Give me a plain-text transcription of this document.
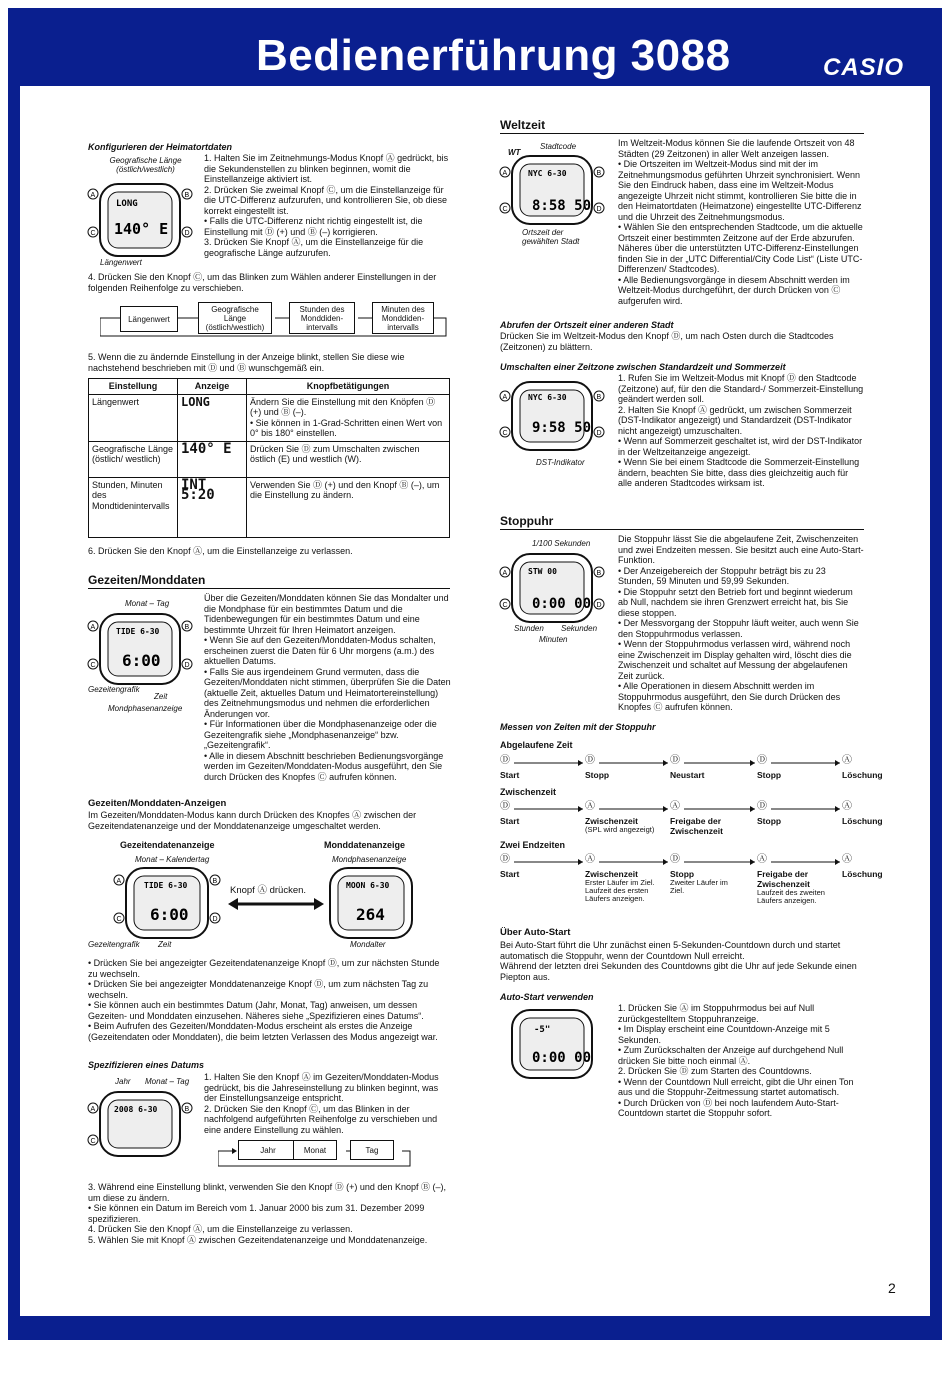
Bedienerführung 3088	CASIO
Konfigurieren der Heimatortdaten
Geografische Länge (östlich/westlich)
A	B
C	D
LONG
140° E
Längenwert
1. Halten Sie im Zeitnehmungs-Modus Knopf Ⓐ gedrückt, bis die Sekundenstellen zu blinken beginnen, womit die Einstellanzeige aktiviert ist.
2. Drücken Sie zweimal Knopf Ⓒ, um die Einstellanzeige für die UTC-Differenz aufzurufen, und kontrollieren Sie, ob diese korrekt eingestellt ist.
• Falls die UTC-Differenz nicht richtig eingestellt ist, die Einstellung mit Ⓓ (+) und Ⓑ (–) korrigieren.
3. Drücken Sie Knopf Ⓐ, um die Einstellanzeige für die geografische Länge aufzurufen.
4. Drücken Sie den Knopf Ⓒ, um das Blinken zum Wählen anderer Einstellungen in der folgenden Reihenfolge zu verschieben.
Längenwert
Geografische Länge (östlich/westlich)
Stunden des Monddiden-intervalls
Minuten des Monddiden-intervalls
5. Wenn die zu ändernde Einstellung in der Anzeige blinkt, stellen Sie diese wie nachstehend beschrieben mit Ⓓ und Ⓑ wunschgemäß ein.
Einstellung	Anzeige	Knopfbetätigungen
Längenwert	LONG	Ändern Sie die Einstellung mit den Knöpfen Ⓓ (+) und Ⓑ (–).
• Sie können in 1-Grad-Schritten einen Wert von 0° bis 180° einstellen.
Geografische Länge (östlich/ westlich)	140° E	Drücken Sie Ⓓ zum Umschalten zwischen östlich (E) und westlich (W).
Stunden, Minuten des Mondtidenintervalls	INT 5:20	Verwenden Sie Ⓓ (+) und den Knopf Ⓑ (–), um die Einstellung zu ändern.
6. Drücken Sie den Knopf Ⓐ, um die Einstellanzeige zu verlassen.
Gezeiten/Monddaten
Monat – Tag
A	B
C	D
TIDE 6-30
6:00
Gezeitengrafik
Zeit
Mondphasenanzeige
Über die Gezeiten/Monddaten können Sie das Mondalter und die Mondphase für ein bestimmtes Datum und die Tidenbewegungen für ein bestimmtes Datum und eine bestimmte Uhrzeit für Ihren Heimatort anzeigen.
• Wenn Sie auf den Gezeiten/Monddaten-Modus schalten, erscheinen zuerst die Daten für 6 Uhr morgens (a.m.) des aktuellen Datums.
• Falls Sie aus irgendeinem Grund vermuten, dass die Gezeiten/Monddaten nicht stimmen, überprüfen Sie die Daten (aktuelle Zeit, aktuelles Datum und Heimatortereinstellung) des Zeitnehmungsmodus und nehmen die erforderlichen Änderungen vor.
• Für Informationen über die Mondphasenanzeige oder die Gezeitengrafik siehe „Mondphasenanzeige“ bzw. „Gezeitengrafik“.
• Alle in diesem Abschnitt beschrieben Bedienungsvorgänge werden im Gezeiten/Monddaten-Modus ausgeführt, den Sie durch Drücken des Knopfes Ⓒ aufrufen können.
Gezeiten/Monddaten-Anzeigen
Im Gezeiten/Monddaten-Modus kann durch Drücken des Knopfes Ⓐ zwischen der Gezeitendatenanzeige und der Monddatenanzeige umgeschaltet werden.
Gezeitendatenanzeige
Monat – Kalendertag
Monddatenanzeige
Mondphasenanzeige
A	B
C	D
TIDE 6-30
6:00
Knopf Ⓐ drücken.	MOON 6-30
264
Gezeitengrafik Zeit	Mondalter
• Drücken Sie bei angezeigter Gezeitendatenanzeige Knopf Ⓓ, um zur nächsten Stunde zu wechseln.
• Drücken Sie bei angezeigter Monddatenanzeige Knopf Ⓓ, um zum nächsten Tag zu wechseln.
• Sie können auch ein bestimmtes Datum (Jahr, Monat, Tag) anweisen, um dessen Gezeiten- und Monddaten einzusehen. Näheres siehe „Spezifizieren eines Datums“.
• Beim Aufrufen des Gezeiten/Monddaten-Modus erscheint als erstes die Anzeige (Gezeitendaten oder Monddaten), die beim letzten Verlassen des Modus angezeigt war.
Spezifizieren eines Datums
Jahr Monat – Tag
A	B
C
2008 6-30
1. Halten Sie den Knopf Ⓐ im Gezeiten/Monddaten-Modus gedrückt, bis die Jahreseinstellung zu blinken beginnt, was der Einstellungsanzeige entspricht.
2. Drücken Sie den Knopf Ⓒ, um das Blinken in der nachfolgend aufgeführten Reihenfolge zu verschieben und eine andere Einstellung zu wählen.
Jahr	Monat	Tag
3. Während eine Einstellung blinkt, verwenden Sie den Knopf Ⓓ (+) und den Knopf Ⓑ (–), um diese zu ändern.
• Sie können ein Datum im Bereich vom 1. Januar 2000 bis zum 31. Dezember 2099 spezifizieren.
4. Drücken Sie den Knopf Ⓐ, um die Einstellanzeige zu verlassen.
5. Wählen Sie mit Knopf Ⓐ zwischen Gezeitendatenanzeige und Monddatenanzeige.
Weltzeit
Stadtcode
WT
A	B
C	D
NYC 6-30
8:58 50
Ortszeit der gewählten Stadt
Im Weltzeit-Modus können Sie die laufende Ortszeit von 48 Städten (29 Zeitzonen) in aller Welt anzeigen lassen.
• Die Ortszeiten im Weltzeit-Modus sind mit der im Zeitnehmungsmodus geführten Uhrzeit synchronisiert. Wenn Sie den Eindruck haben, dass eine im Weltzeit-Modus angezeigte Uhrzeit nicht stimmt, kontrollieren Sie bitte die in den Heimatortdaten (Heimatzone) eingestellte UTC-Differenz und die Uhrzeit des Zeitnehmungsmodus.
• Wählen Sie den entsprechenden Stadtcode, um die aktuelle Ortszeit einer bestimmten Zeitzone auf der Erde abzurufen. Näheres über die unterstützten UTC-Differenz-Einstellungen finden Sie in der „UTC Differential/City Code List“ (Liste UTC-Differenzen/ Stadtcodes).
• Alle Bedienungsvorgänge in diesem Abschnitt werden im Weltzeit-Modus durchgeführt, der durch Drücken von Ⓒ aufgerufen wird.
Abrufen der Ortszeit einer anderen Stadt
Drücken Sie im Weltzeit-Modus den Knopf Ⓓ, um nach Osten durch die Stadtcodes (Zeitzonen) zu blättern.
Umschalten einer Zeitzone zwischen Standardzeit und Sommerzeit
A	B
C	D
NYC 6-30
9:58 50
DST-Indikator
1. Rufen Sie im Weltzeit-Modus mit Knopf Ⓓ den Stadtcode (Zeitzone) auf, für den die Standard-/ Sommerzeit-Einstellung geändert werden soll.
2. Halten Sie Knopf Ⓐ gedrückt, um zwischen Sommerzeit (DST-Indikator angezeigt) und Standardzeit (DST-Indikator nicht angezeigt) umzuschalten.
• Wenn auf Sommerzeit geschaltet ist, wird der DST-Indikator in der Weltzeitanzeige angezeigt.
• Wenn Sie bei einem Stadtcode die Sommerzeit-Einstellung ändern, beachten Sie bitte, dass dies gleichzeitig auch für alle anderen Stadtcodes wirksam ist.
Stoppuhr
1/100 Sekunden
A	B
C	D
STW 00
0:00 00
Stunden Sekunden
Minuten
Die Stoppuhr lässt Sie die abgelaufene Zeit, Zwischenzeiten und zwei Endzeiten messen. Sie besitzt auch eine Auto-Start-Funktion.
• Der Anzeigebereich der Stoppuhr beträgt bis zu 23 Stunden, 59 Minuten und 59,99 Sekunden.
• Die Stoppuhr setzt den Betrieb fort und beginnt wiederum ab Null, nachdem sie ihren Grenzwert erreicht hat, bis Sie diese stoppen.
• Der Messvorgang der Stoppuhr läuft weiter, auch wenn Sie den Stoppuhrmodus verlassen.
• Wenn der Stoppuhrmodus verlassen wird, während noch eine Zwischenzeit im Display gehalten wird, löscht dies die Zwischenzeit und schaltet auf Messung der abgelaufenen Zeit zurück.
• Alle Operationen in diesem Abschnitt werden im Stoppuhrmodus ausgeführt, den Sie durch Drücken des Knopfes Ⓒ aufrufen können.
Messen von Zeiten mit der Stoppuhr
Abgelaufene Zeit
Ⓓ
Start
Ⓓ
Stopp
Ⓓ
Neustart
Ⓓ
Stopp
Ⓐ
Löschung
Zwischenzeit
Ⓓ
Start
Ⓐ
Zwischenzeit
(SPL wird angezeigt)
Ⓐ
Freigabe der Zwischenzeit
Ⓓ
Stopp
Ⓐ
Löschung
Zwei Endzeiten
Ⓓ
Start
Ⓐ
Zwischenzeit
Erster Läufer im Ziel. Laufzeit des ersten Läufers anzeigen.
Ⓓ
Stopp
Zweiter Läufer im Ziel.
Ⓐ
Freigabe der Zwischenzeit
Laufzeit des zweiten Läufers anzeigen.
Ⓐ
Löschung
Über Auto-Start
Bei Auto-Start führt die Uhr zunächst einen 5-Sekunden-Countdown durch und startet automatisch die Stoppuhr, wenn der Countdown Null erreicht.
Während der letzten drei Sekunden des Countdowns gibt die Uhr auf jede Sekunde einen Piepton aus.
Auto-Start verwenden
-5"
0:00 00
1. Drücken Sie Ⓐ im Stoppuhrmodus bei auf Null zurückgestelltem Stoppuhranzeige.
• Im Display erscheint eine Countdown-Anzeige mit 5 Sekunden.
• Zum Zurückschalten der Anzeige auf durchgehend Null drücken Sie bitte noch einmal Ⓐ.
2. Drücken Sie Ⓓ zum Starten des Countdowns.
• Wenn der Countdown Null erreicht, gibt die Uhr einen Ton aus und die Stoppuhr-Zeitmessung startet automatisch.
• Durch Drücken von Ⓓ bei noch laufendem Auto-Start-Countdown startet die Stoppuhr sofort.
2
